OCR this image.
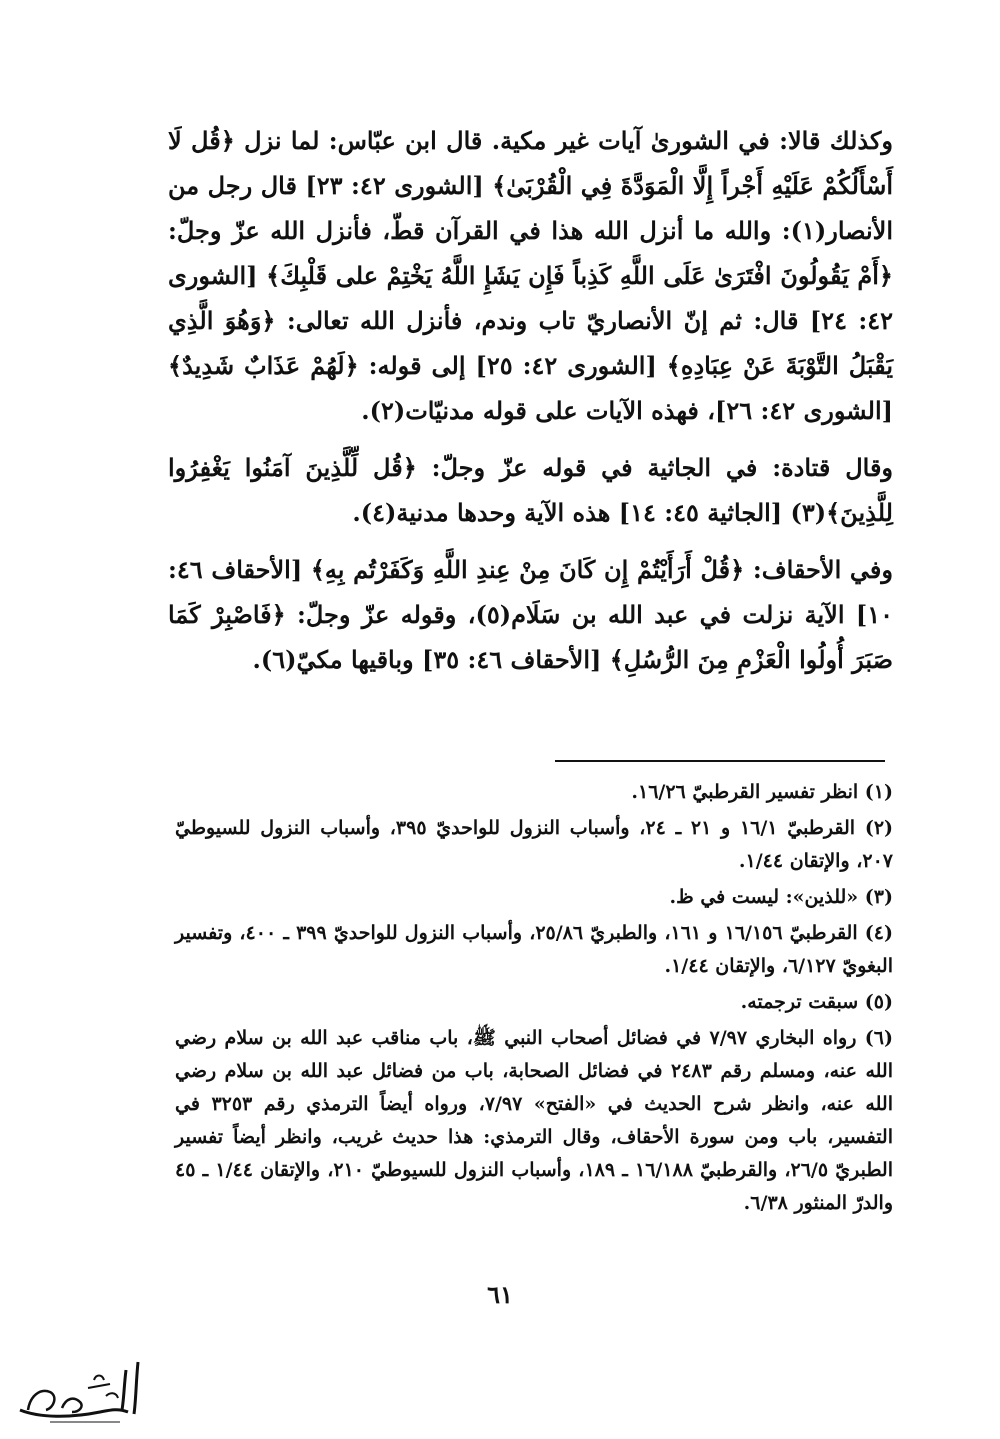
وكذلك قالا: في الشورىٰ آيات غير مكية. قال ابن عبّاس: لما نزل ﴿قُل لَا أَسْأَلُكُمْ عَلَيْهِ أَجْراً إِلَّا الْمَوَدَّةَ فِي الْقُرْبَىٰ﴾ [الشورى ٤٢: ٢٣] قال رجل من الأنصار(١): والله ما أنزل الله هذا في القرآن قطّ، فأنزل الله عزّ وجلّ: ﴿أَمْ يَقُولُونَ افْتَرَىٰ عَلَى اللَّهِ كَذِباً فَإِن يَشَإِ اللَّهُ يَخْتِمْ على قَلْبِكَ﴾ [الشورى ٤٢: ٢٤] قال: ثم إنّ الأنصاريّ تاب وندم، فأنزل الله تعالى: ﴿وَهُوَ الَّذِي يَقْبَلُ التَّوْبَةَ عَنْ عِبَادِهِ﴾ [الشورى ٤٢: ٢٥] إلى قوله: ﴿لَهُمْ عَذَابٌ شَدِيدٌ﴾ [الشورى ٤٢: ٢٦]، فهذه الآيات على قوله مدنيّات(٢).

وقال قتادة: في الجاثية في قوله عزّ وجلّ: ﴿قُل لِّلَّذِينَ آمَنُوا يَغْفِرُوا لِلَّذِينَ﴾(٣) [الجاثية ٤٥: ١٤] هذه الآية وحدها مدنية(٤).

وفي الأحقاف: ﴿قُلْ أَرَأَيْتُمْ إِن كَانَ مِنْ عِندِ اللَّهِ وَكَفَرْتُم بِهِ﴾ [الأحقاف ٤٦: ١٠] الآية نزلت في عبد الله بن سَلَام(٥)، وقوله عزّ وجلّ: ﴿فَاصْبِرْ كَمَا صَبَرَ أُولُوا الْعَزْمِ مِنَ الرُّسُلِ﴾ [الأحقاف ٤٦: ٣٥] وباقيها مكيّ(٦).

(١) انظر تفسير القرطبيّ ١٦/٢٦.

(٢) القرطبيّ ١٦/١ و ٢١ ـ ٢٤، وأسباب النزول للواحديّ ٣٩٥، وأسباب النزول للسيوطيّ ٢٠٧، والإتقان ١/٤٤.

(٣) «للذين»: ليست في ظ.

(٤) القرطبيّ ١٦/١٥٦ و ١٦١، والطبريّ ٢٥/٨٦، وأسباب النزول للواحديّ ٣٩٩ ـ ٤٠٠، وتفسير البغويّ ٦/١٢٧، والإتقان ١/٤٤.

(٥) سبقت ترجمته.

(٦) رواه البخاري ٧/٩٧ في فضائل أصحاب النبي ﷺ، باب مناقب عبد الله بن سلام رضي الله عنه، ومسلم رقم ٢٤٨٣ في فضائل الصحابة، باب من فضائل عبد الله بن سلام رضي الله عنه، وانظر شرح الحديث في «الفتح» ٧/٩٧، ورواه أيضاً الترمذي رقم ٣٢٥٣ في التفسير، باب ومن سورة الأحقاف، وقال الترمذي: هذا حديث غريب، وانظر أيضاً تفسير الطبريّ ٢٦/٥، والقرطبيّ ١٦/١٨٨ ـ ١٨٩، وأسباب النزول للسيوطيّ ٢١٠، والإتقان ١/٤٤ ـ ٤٥ والدرّ المنثور ٦/٣٨.

٦١
